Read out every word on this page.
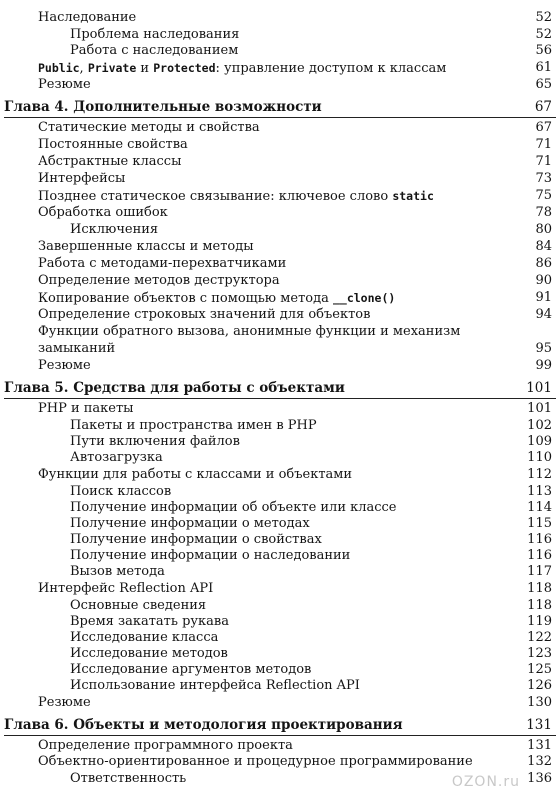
Наследование	52
Проблема наследования	52
Работа с наследованием	56
Public, Private и Protected: управление доступом к классам	61
Резюме	65
Глава 4. Дополнительные возможности	67
Статические методы и свойства	67
Постоянные свойства	71
Абстрактные классы	71
Интерфейсы	73
Позднее статическое связывание: ключевое слово static	75
Обработка ошибок	78
Исключения	80
Завершенные классы и методы	84
Работа с методами-перехватчиками	86
Определение методов деструктора	90
Копирование объектов с помощью метода __clone()	91
Определение строковых значений для объектов	94
Функции обратного вызова, анонимные функции и механизм
замыканий	95
Резюме	99
Глава 5. Средства для работы с объектами	101
PHP и пакеты	101
Пакеты и пространства имен в PHP	102
Пути включения файлов	109
Автозагрузка	110
Функции для работы с классами и объектами	112
Поиск классов	113
Получение информации об объекте или классе	114
Получение информации о методах	115
Получение информации о свойствах	116
Получение информации о наследовании	116
Вызов метода	117
Интерфейс Reflection API	118
Основные сведения	118
Время закатать рукава	119
Исследование класса	122
Исследование методов	123
Исследование аргументов методов	125
Использование интерфейса Reflection API	126
Резюме	130
Глава 6. Объекты и методология проектирования	131
Определение программного проекта	131
Объектно-ориентированное и процедурное программирование	132
Ответственность	136
OZON.ru
